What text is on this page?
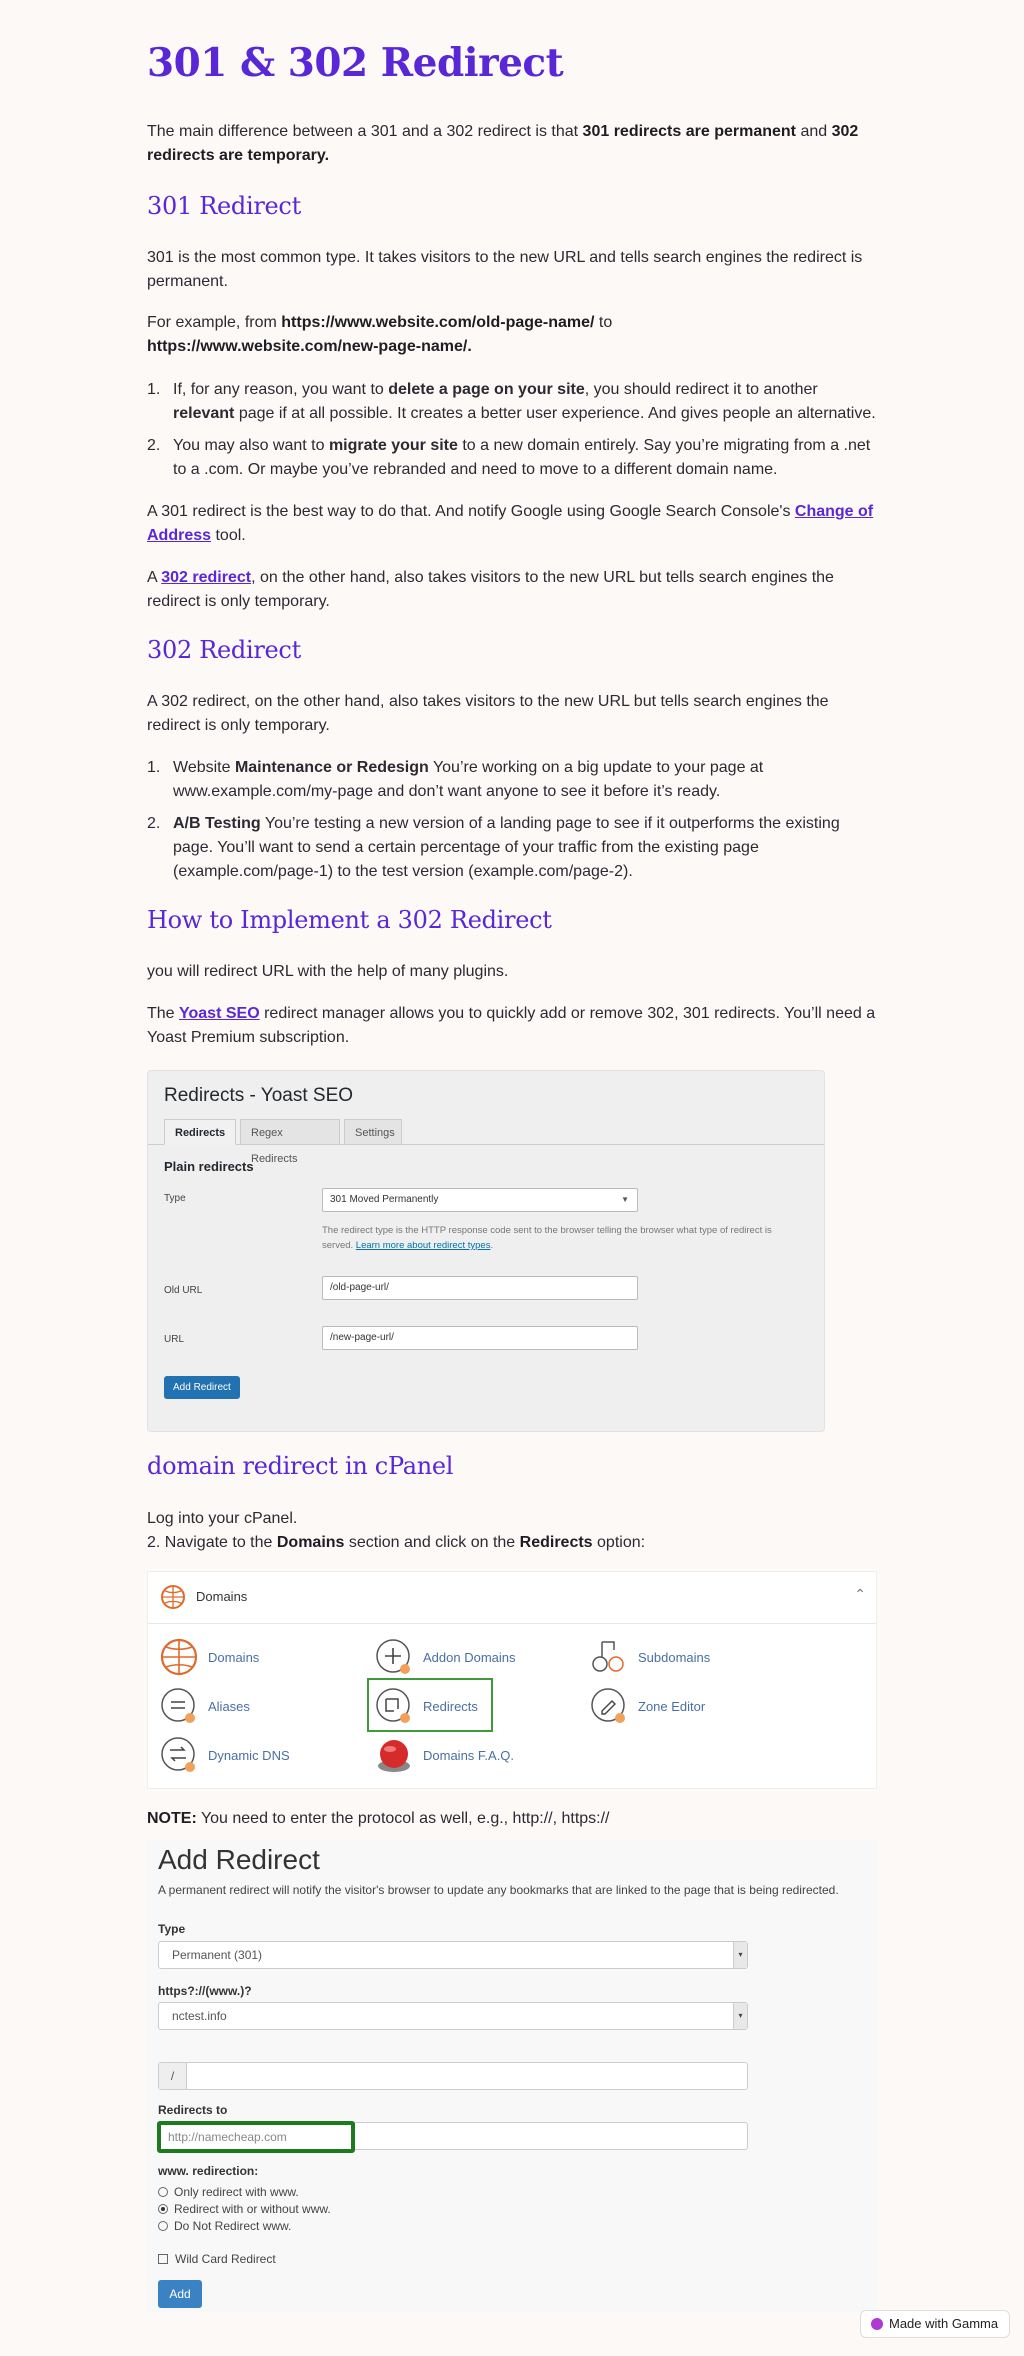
301 & 302 Redirect
The main difference between a 301 and a 302 redirect is that 301 redirects are permanent and 302 redirects are temporary.
301 Redirect
301 is the most common type. It takes visitors to the new URL and tells search engines the redirect is permanent.
For example, from https://www.website.com/old-page-name/ to
https://www.website.com/new-page-name/.
1. If, for any reason, you want to delete a page on your site, you should redirect it to another relevant page if at all possible. It creates a better user experience. And gives people an alternative.
2. You may also want to migrate your site to a new domain entirely. Say you’re migrating from a .net to a .com. Or maybe you’ve rebranded and need to move to a different domain name.
A 301 redirect is the best way to do that. And notify Google using Google Search Console's Change of Address tool.
A 302 redirect, on the other hand, also takes visitors to the new URL but tells search engines the redirect is only temporary.
302 Redirect
A 302 redirect, on the other hand, also takes visitors to the new URL but tells search engines the redirect is only temporary.
1. Website Maintenance or Redesign You’re working on a big update to your page at www.example.com/my-page and don’t want anyone to see it before it’s ready.
2. A/B Testing You’re testing a new version of a landing page to see if it outperforms the existing page. You’ll want to send a certain percentage of your traffic from the existing page (example.com/page-1) to the test version (example.com/page-2).
How to Implement a 302 Redirect
you will redirect URL with the help of many plugins.
The Yoast SEO redirect manager allows you to quickly add or remove 302, 301 redirects. You’ll need a Yoast Premium subscription.
Redirects - Yoast SEO
Redirects	Regex Redirects
Settings
Plain redirects
Type	301 Moved Permanently	▼
The redirect type is the HTTP response code sent to the browser telling the browser what type of redirect is served. Learn more about redirect types.
Old URL	/old-page-url/
URL	/new-page-url/
Add Redirect
domain redirect in cPanel
Log into your cPanel.
2. Navigate to the Domains section and click on the Redirects option:
Domains	⌃
Domains	Addon Domains	Subdomains
Aliases	Redirects	Zone Editor
Dynamic DNS	Domains F.A.Q.
NOTE: You need to enter the protocol as well, e.g., http://, https://
Add Redirect
A permanent redirect will notify the visitor's browser to update any bookmarks that are linked to the page that is being redirected.
Type
Permanent (301)	▾
https?://(www.)?
nctest.info	▾
/
Redirects to
http://namecheap.com
www. redirection:
Only redirect with www.
Redirect with or without www.
Do Not Redirect www.
Wild Card Redirect
Add
Made with Gamma
